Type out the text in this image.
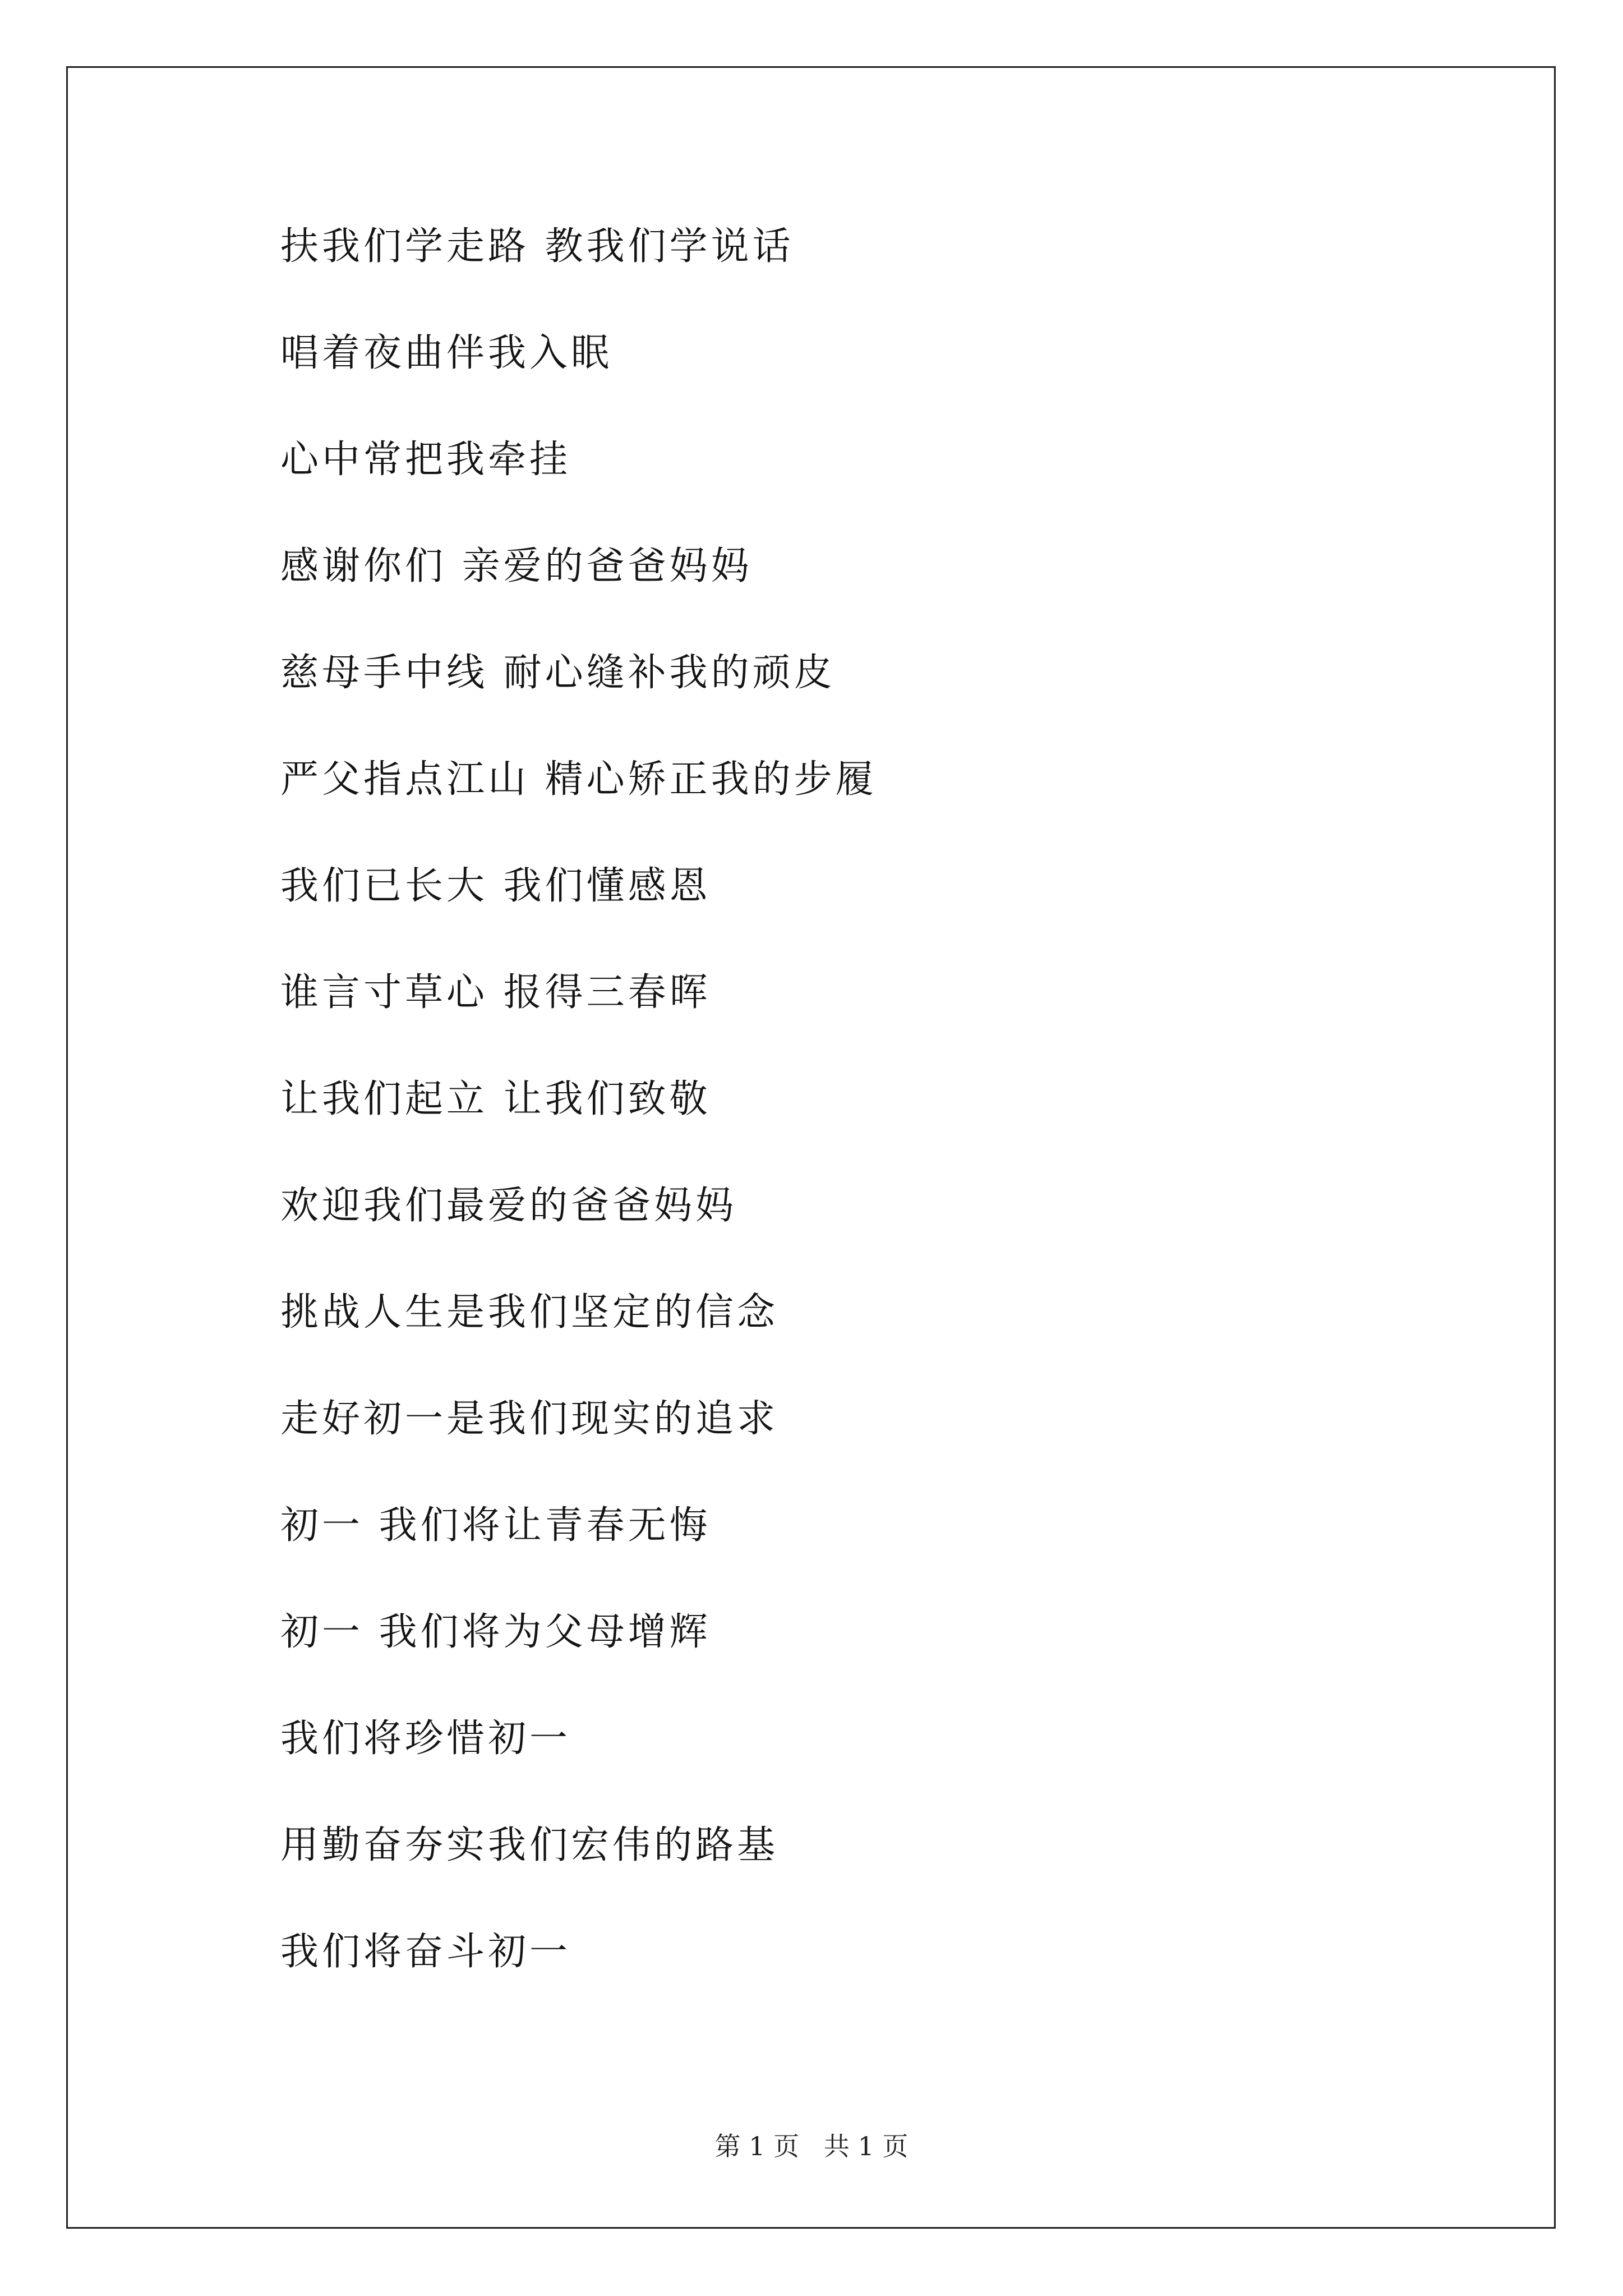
扶我们学走路 教我们学说话
唱着夜曲伴我入眠
心中常把我牵挂
感谢你们 亲爱的爸爸妈妈
慈母手中线 耐心缝补我的顽皮
严父指点江山 精心矫正我的步履
我们已长大 我们懂感恩
谁言寸草心 报得三春晖
让我们起立 让我们致敬
欢迎我们最爱的爸爸妈妈
挑战人生是我们坚定的信念
走好初一是我们现实的追求
初一 我们将让青春无悔
初一 我们将为父母增辉
我们将珍惜初一
用勤奋夯实我们宏伟的路基
我们将奋斗初一
第 1 页   共 1 页
